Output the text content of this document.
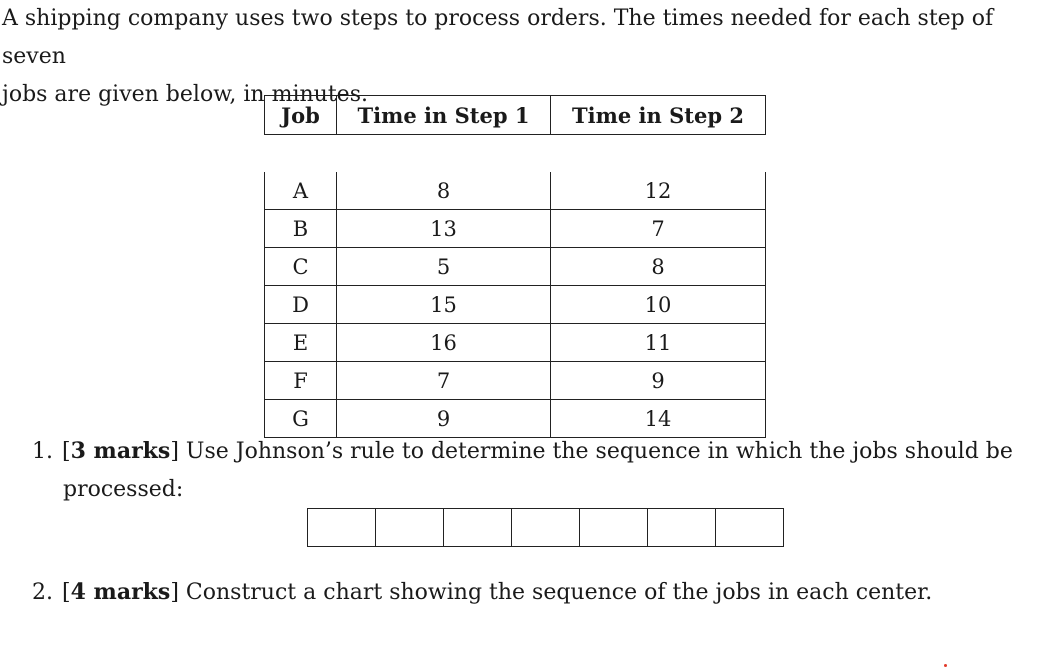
A shipping company uses two steps to process orders. The times needed for each step of seven
jobs are given below, in minutes.

Job	Time in Step 1	Time in Step 2

A	8	12
B	13	7
C	5	8
D	15	10
E	16	11
F	7	9
G	9	14

1. [3 marks] Use Johnson’s rule to determine the sequence in which the jobs should be
processed:

2. [4 marks] Construct a chart showing the sequence of the jobs in each center.
